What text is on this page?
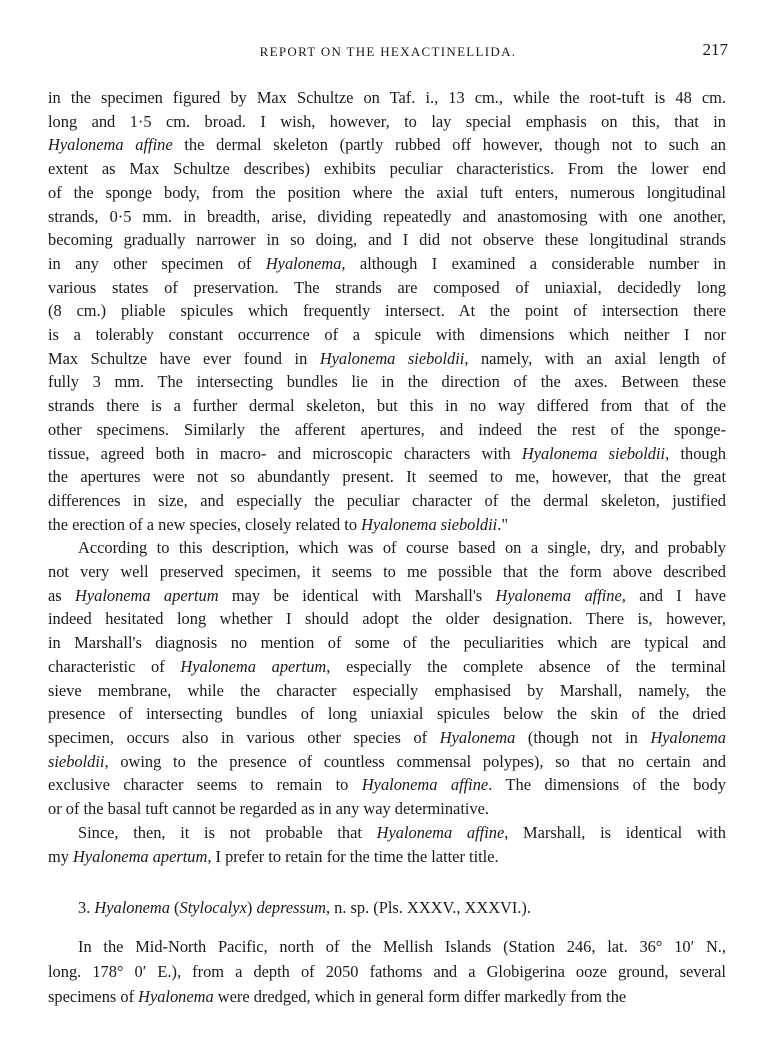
REPORT ON THE HEXACTINELLIDA.	217
in the specimen figured by Max Schultze on Taf. i., 13 cm., while the root-tuft is 48 cm.
long and 1·5 cm. broad. I wish, however, to lay special emphasis on this, that in
Hyalonema affine the dermal skeleton (partly rubbed off however, though not to such an
extent as Max Schultze describes) exhibits peculiar characteristics. From the lower end
of the sponge body, from the position where the axial tuft enters, numerous longitudinal
strands, 0·5 mm. in breadth, arise, dividing repeatedly and anastomosing with one another,
becoming gradually narrower in so doing, and I did not observe these longitudinal strands
in any other specimen of Hyalonema, although I examined a considerable number in
various states of preservation. The strands are composed of uniaxial, decidedly long
(8 cm.) pliable spicules which frequently intersect. At the point of intersection there
is a tolerably constant occurrence of a spicule with dimensions which neither I nor
Max Schultze have ever found in Hyalonema sieboldii, namely, with an axial length of
fully 3 mm. The intersecting bundles lie in the direction of the axes. Between these
strands there is a further dermal skeleton, but this in no way differed from that of the
other specimens. Similarly the afferent apertures, and indeed the rest of the sponge-
tissue, agreed both in macro- and microscopic characters with Hyalonema sieboldii, though
the apertures were not so abundantly present. It seemed to me, however, that the great
differences in size, and especially the peculiar character of the dermal skeleton, justified
the erection of a new species, closely related to Hyalonema sieboldii."
According to this description, which was of course based on a single, dry, and probably
not very well preserved specimen, it seems to me possible that the form above described
as Hyalonema apertum may be identical with Marshall's Hyalonema affine, and I have
indeed hesitated long whether I should adopt the older designation. There is, however,
in Marshall's diagnosis no mention of some of the peculiarities which are typical and
characteristic of Hyalonema apertum, especially the complete absence of the terminal
sieve membrane, while the character especially emphasised by Marshall, namely, the
presence of intersecting bundles of long uniaxial spicules below the skin of the dried
specimen, occurs also in various other species of Hyalonema (though not in Hyalonema
sieboldii, owing to the presence of countless commensal polypes), so that no certain and
exclusive character seems to remain to Hyalonema affine. The dimensions of the body
or of the basal tuft cannot be regarded as in any way determinative.
Since, then, it is not probable that Hyalonema affine, Marshall, is identical with
my Hyalonema apertum, I prefer to retain for the time the latter title.
3. Hyalonema (Stylocalyx) depressum, n. sp. (Pls. XXXV., XXXVI.).
In the Mid-North Pacific, north of the Mellish Islands (Station 246, lat. 36° 10′ N.,
long. 178° 0′ E.), from a depth of 2050 fathoms and a Globigerina ooze ground, several
specimens of Hyalonema were dredged, which in general form differ markedly from the
